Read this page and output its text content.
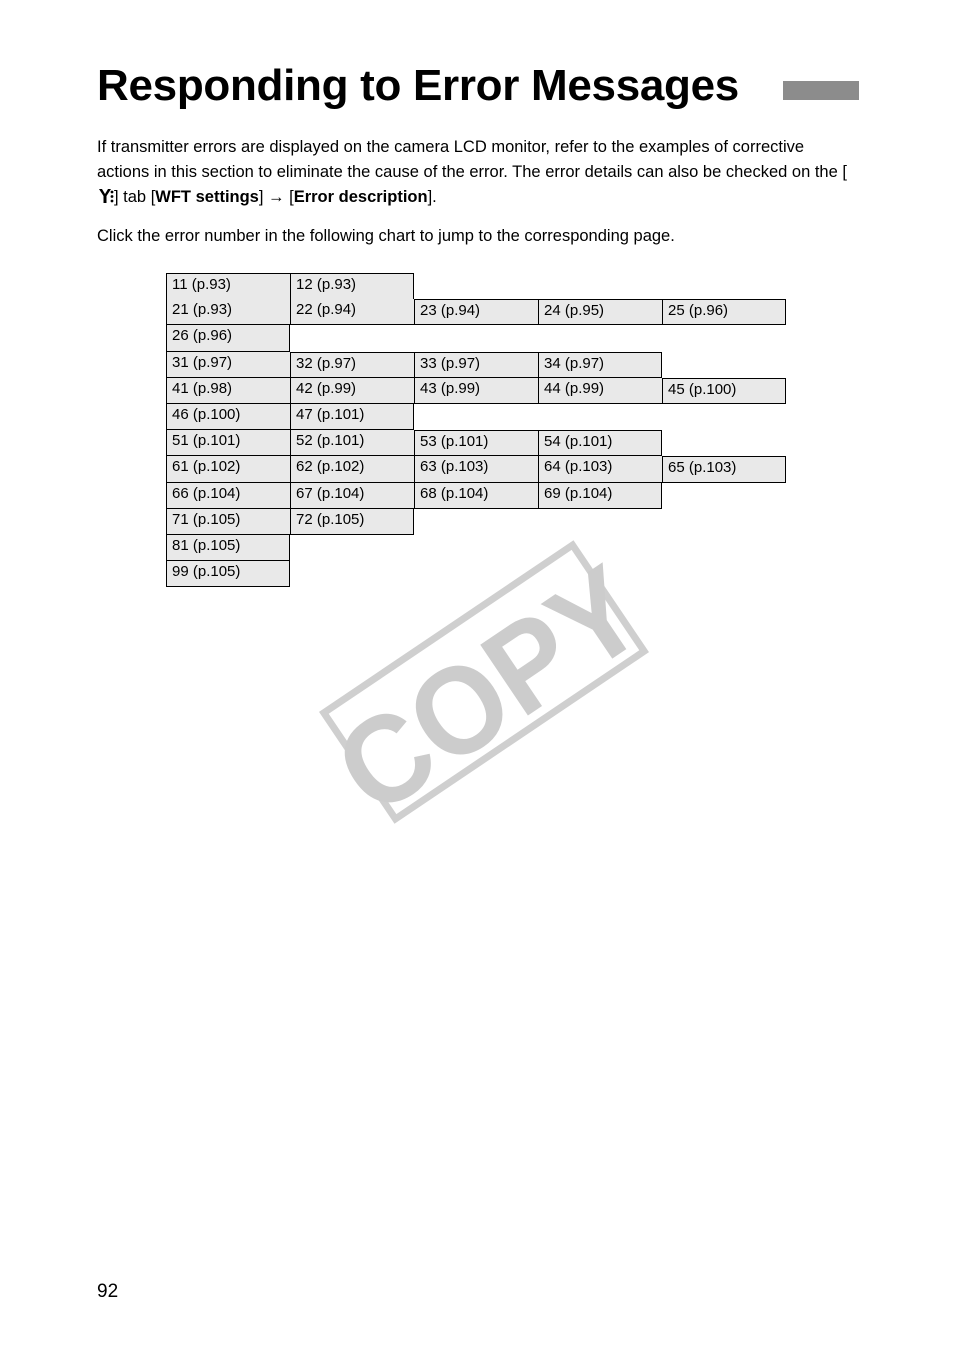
Responding to Error Messages

If transmitter errors are displayed on the camera LCD monitor, refer to the examples of corrective actions in this section to eliminate the cause of the error. The error details can also be checked on the [] tab [WFT settings] → [Error description].

Click the error number in the following chart to jump to the corresponding page.

11 (p.93)	12 (p.93)
21 (p.93)	22 (p.94)	23 (p.94)	24 (p.95)	25 (p.96)
26 (p.96)
31 (p.97)	32 (p.97)	33 (p.97)	34 (p.97)
41 (p.98)	42 (p.99)	43 (p.99)	44 (p.99)	45 (p.100)
46 (p.100)	47 (p.101)
51 (p.101)	52 (p.101)	53 (p.101)	54 (p.101)
61 (p.102)	62 (p.102)	63 (p.103)	64 (p.103)	65 (p.103)
66 (p.104)	67 (p.104)	68 (p.104)	69 (p.104)
71 (p.105)	72 (p.105)
81 (p.105)
99 (p.105) COPY

92
